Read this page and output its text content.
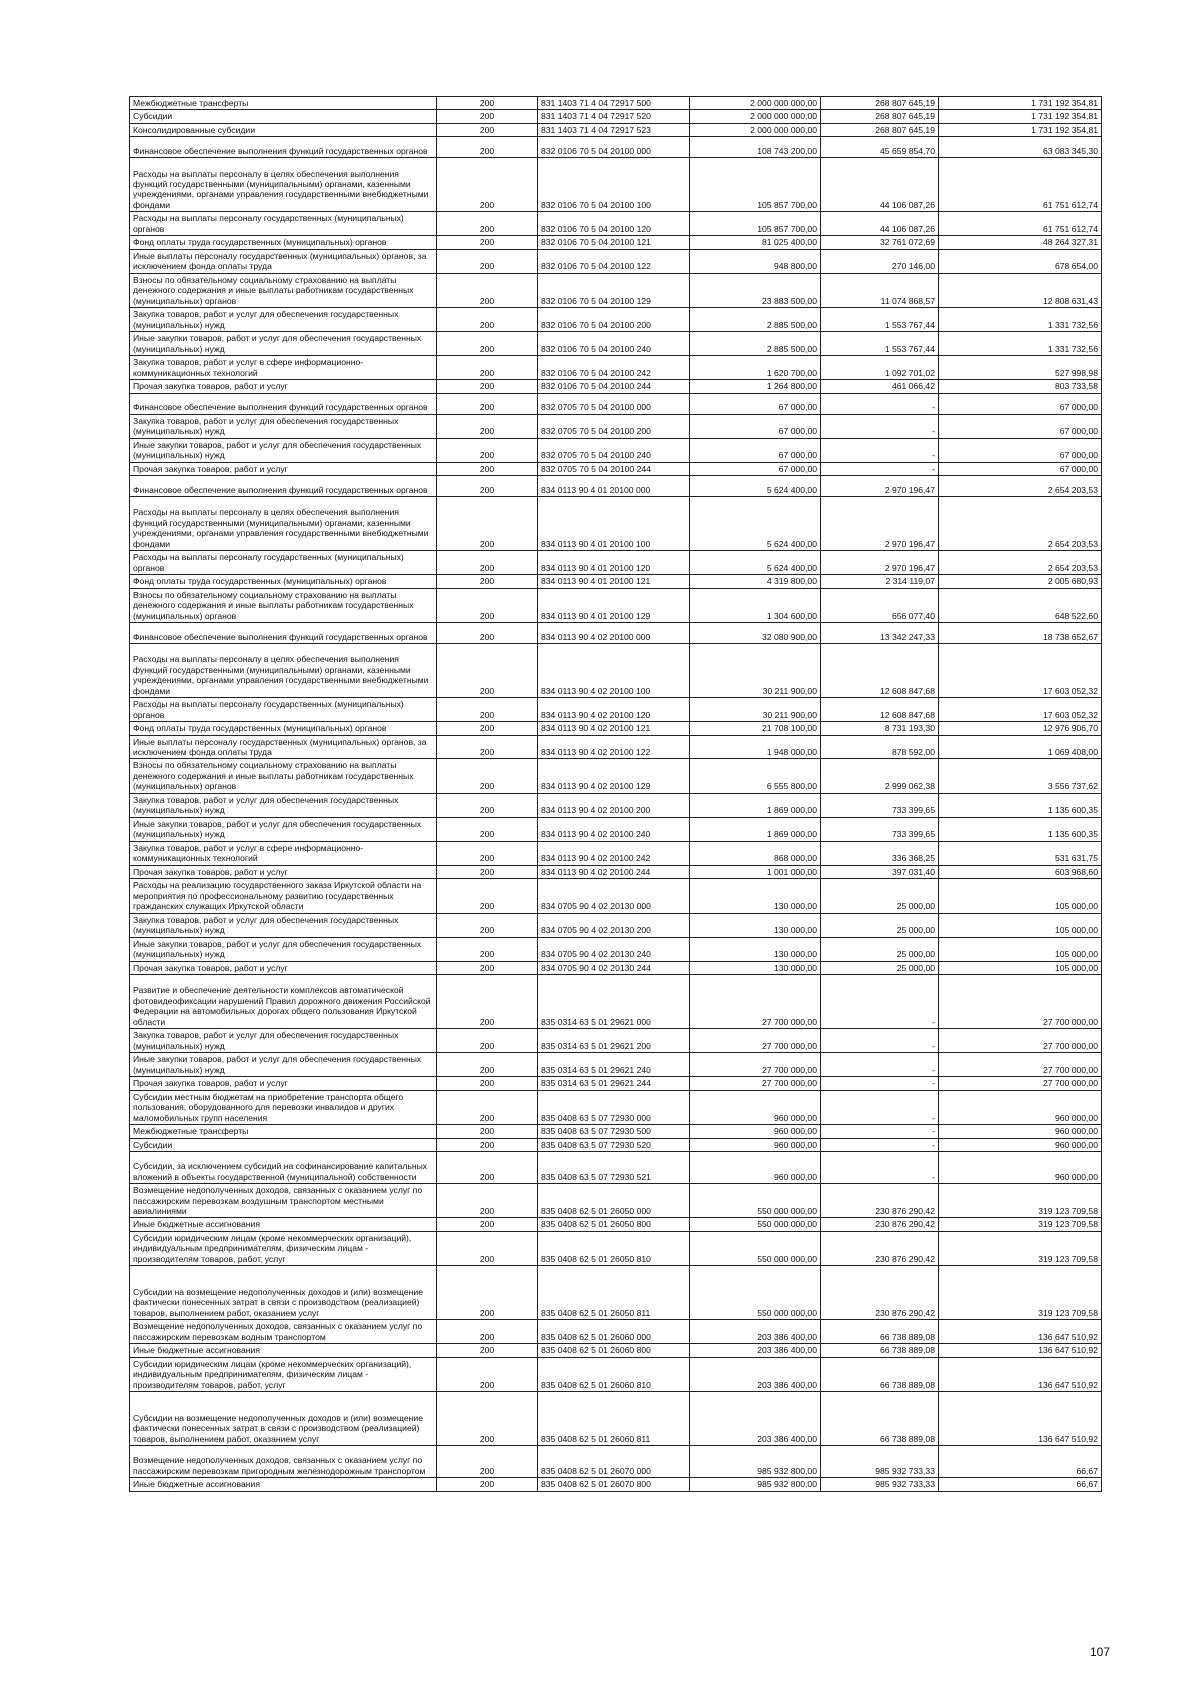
Межбюджетные трансферты	200	831 1403 71 4 04 72917 500	2 000 000 000,00	268 807 645,19	1 731 192 354,81
Субсидии	200	831 1403 71 4 04 72917 520	2 000 000 000,00	268 807 645,19	1 731 192 354,81
Консолидированные субсидии	200	831 1403 71 4 04 72917 523	2 000 000 000,00	268 807 645,19	1 731 192 354,81
Финансовое обеспечение выполнения функций государственных органов	200	832 0106 70 5 04 20100 000	108 743 200,00	45 659 854,70	63 083 345,30
Расходы на выплаты персоналу в целях обеспечения выполнения функций государственными (муниципальными) органами, казенными учреждениями, органами управления государственными внебюджетными фондами	200	832 0106 70 5 04 20100 100	105 857 700,00	44 106 087,26	61 751 612,74
Расходы на выплаты персоналу государственных (муниципальных) органов	200	832 0106 70 5 04 20100 120	105 857 700,00	44 106 087,26	61 751 612,74
Фонд оплаты труда государственных (муниципальных) органов	200	832 0106 70 5 04 20100 121	81 025 400,00	32 761 072,69	48 264 327,31
Иные выплаты персоналу государственных (муниципальных) органов, за исключением фонда оплаты труда	200	832 0106 70 5 04 20100 122	948 800,00	270 146,00	678 654,00
Взносы по обязательному социальному страхованию на выплаты денежного содержания и иные выплаты работникам государственных (муниципальных) органов	200	832 0106 70 5 04 20100 129	23 883 500,00	11 074 868,57	12 808 631,43
Закупка товаров, работ и услуг для обеспечения государственных (муниципальных) нужд	200	832 0106 70 5 04 20100 200	2 885 500,00	1 553 767,44	1 331 732,56
Иные закупки товаров, работ и услуг для обеспечения государственных (муниципальных) нужд	200	832 0106 70 5 04 20100 240	2 885 500,00	1 553 767,44	1 331 732,56
Закупка товаров, работ и услуг в сфере информационно-коммуникационных технологий	200	832 0106 70 5 04 20100 242	1 620 700,00	1 092 701,02	527 998,98
Прочая закупка товаров, работ и услуг	200	832 0106 70 5 04 20100 244	1 264 800,00	461 066,42	803 733,58
Финансовое обеспечение выполнения функций государственных органов	200	832 0705 70 5 04 20100 000	67 000,00	-	67 000,00
Закупка товаров, работ и услуг для обеспечения государственных (муниципальных) нужд	200	832 0705 70 5 04 20100 200	67 000,00	-	67 000,00
Иные закупки товаров, работ и услуг для обеспечения государственных (муниципальных) нужд	200	832 0705 70 5 04 20100 240	67 000,00	-	67 000,00
Прочая закупка товаров, работ и услуг	200	832 0705 70 5 04 20100 244	67 000,00	-	67 000,00
Финансовое обеспечение выполнения функций государственных органов	200	834 0113 90 4 01 20100 000	5 624 400,00	2 970 196,47	2 654 203,53
Расходы на выплаты персоналу в целях обеспечения выполнения функций государственными (муниципальными) органами, казенными учреждениями, органами управления государственными внебюджетными фондами	200	834 0113 90 4 01 20100 100	5 624 400,00	2 970 196,47	2 654 203,53
Расходы на выплаты персоналу государственных (муниципальных) органов	200	834 0113 90 4 01 20100 120	5 624 400,00	2 970 196,47	2 654 203,53
Фонд оплаты труда государственных (муниципальных) органов	200	834 0113 90 4 01 20100 121	4 319 800,00	2 314 119,07	2 005 680,93
Взносы по обязательному социальному страхованию на выплаты денежного содержания и иные выплаты работникам государственных (муниципальных) органов	200	834 0113 90 4 01 20100 129	1 304 600,00	656 077,40	648 522,60
Финансовое обеспечение выполнения функций государственных органов	200	834 0113 90 4 02 20100 000	32 080 900,00	13 342 247,33	18 738 652,67
Расходы на выплаты персоналу в целях обеспечения выполнения функций государственными (муниципальными) органами, казенными учреждениями, органами управления государственными внебюджетными фондами	200	834 0113 90 4 02 20100 100	30 211 900,00	12 608 847,68	17 603 052,32
Расходы на выплаты персоналу государственных (муниципальных) органов	200	834 0113 90 4 02 20100 120	30 211 900,00	12 608 847,68	17 603 052,32
Фонд оплаты труда государственных (муниципальных) органов	200	834 0113 90 4 02 20100 121	21 708 100,00	8 731 193,30	12 976 906,70
Иные выплаты персоналу государственных (муниципальных) органов, за исключением фонда оплаты труда	200	834 0113 90 4 02 20100 122	1 948 000,00	878 592,00	1 069 408,00
Взносы по обязательному социальному страхованию на выплаты денежного содержания и иные выплаты работникам государственных (муниципальных) органов	200	834 0113 90 4 02 20100 129	6 555 800,00	2 999 062,38	3 556 737,62
Закупка товаров, работ и услуг для обеспечения государственных (муниципальных) нужд	200	834 0113 90 4 02 20100 200	1 869 000,00	733 399,65	1 135 600,35
Иные закупки товаров, работ и услуг для обеспечения государственных (муниципальных) нужд	200	834 0113 90 4 02 20100 240	1 869 000,00	733 399,65	1 135 600,35
Закупка товаров, работ и услуг в сфере информационно-коммуникационных технологий	200	834 0113 90 4 02 20100 242	868 000,00	336 368,25	531 631,75
Прочая закупка товаров, работ и услуг	200	834 0113 90 4 02 20100 244	1 001 000,00	397 031,40	603 968,60
Расходы на реализацию государственного заказа Иркутской области на мероприятия по профессиональному развитию государственных гражданских служащих Иркутской области	200	834 0705 90 4 02 20130 000	130 000,00	25 000,00	105 000,00
Закупка товаров, работ и услуг для обеспечения государственных (муниципальных) нужд	200	834 0705 90 4 02 20130 200	130 000,00	25 000,00	105 000,00
Иные закупки товаров, работ и услуг для обеспечения государственных (муниципальных) нужд	200	834 0705 90 4 02 20130 240	130 000,00	25 000,00	105 000,00
Прочая закупка товаров, работ и услуг	200	834 0705 90 4 02 20130 244	130 000,00	25 000,00	105 000,00
Развитие и обеспечение деятельности комплексов автоматической фотовидеофиксации нарушений Правил дорожного движения Российской Федерации на автомобильных дорогах общего пользования Иркутской области	200	835 0314 63 5 01 29621 000	27 700 000,00	-	27 700 000,00
Закупка товаров, работ и услуг для обеспечения государственных (муниципальных) нужд	200	835 0314 63 5 01 29621 200	27 700 000,00	-	27 700 000,00
Иные закупки товаров, работ и услуг для обеспечения государственных (муниципальных) нужд	200	835 0314 63 5 01 29621 240	27 700 000,00	-	27 700 000,00
Прочая закупка товаров, работ и услуг	200	835 0314 63 5 01 29621 244	27 700 000,00	-	27 700 000,00
Субсидии местным бюджетам на приобретение транспорта общего пользования, оборудованного для перевозки инвалидов и других маломобильных групп населения	200	835 0408 63 5 07 72930 000	960 000,00	-	960 000,00
Межбюджетные трансферты	200	835 0408 63 5 07 72930 500	960 000,00	-	960 000,00
Субсидии	200	835 0408 63 5 07 72930 520	960 000,00	-	960 000,00
Субсидии, за исключением субсидий на софинансирование капитальных вложений в объекты государственной (муниципальной) собственности	200	835 0408 63 5 07 72930 521	960 000,00	-	960 000,00
Возмещение недополученных доходов, связанных с оказанием услуг по пассажирским перевозкам воздушным транспортом местными авиалиниями	200	835 0408 62 5 01 26050 000	550 000 000,00	230 876 290,42	319 123 709,58
Иные бюджетные ассигнования	200	835 0408 62 5 01 26050 800	550 000 000,00	230 876 290,42	319 123 709,58
Субсидии юридическим лицам (кроме некоммерческих организаций), индивидуальным предпринимателям, физическим лицам - производителям товаров, работ, услуг	200	835 0408 62 5 01 26050 810	550 000 000,00	230 876 290,42	319 123 709,58
Субсидии на возмещение недополученных доходов и (или) возмещение фактически понесенных затрат в связи с производством (реализацией) товаров, выполнением работ, оказанием услуг	200	835 0408 62 5 01 26050 811	550 000 000,00	230 876 290,42	319 123 709,58
Возмещение недополученных доходов, связанных с оказанием услуг по пассажирским перевозкам водным транспортом	200	835 0408 62 5 01 26060 000	203 386 400,00	66 738 889,08	136 647 510,92
Иные бюджетные ассигнования	200	835 0408 62 5 01 26060 800	203 386 400,00	66 738 889,08	136 647 510,92
Субсидии юридическим лицам (кроме некоммерческих организаций), индивидуальным предпринимателям, физическим лицам - производителям товаров, работ, услуг	200	835 0408 62 5 01 26060 810	203 386 400,00	66 738 889,08	136 647 510,92
Субсидии на возмещение недополученных доходов и (или) возмещение фактически понесенных затрат в связи с производством (реализацией) товаров, выполнением работ, оказанием услуг	200	835 0408 62 5 01 26060 811	203 386 400,00	66 738 889,08	136 647 510,92
Возмещение недополученных доходов, связанных с оказанием услуг по пассажирским перевозкам пригородным железнодорожным транспортом	200	835 0408 62 5 01 26070 000	985 932 800,00	985 932 733,33	66,67
Иные бюджетные ассигнования	200	835 0408 62 5 01 26070 800	985 932 800,00	985 932 733,33	66,67
107
